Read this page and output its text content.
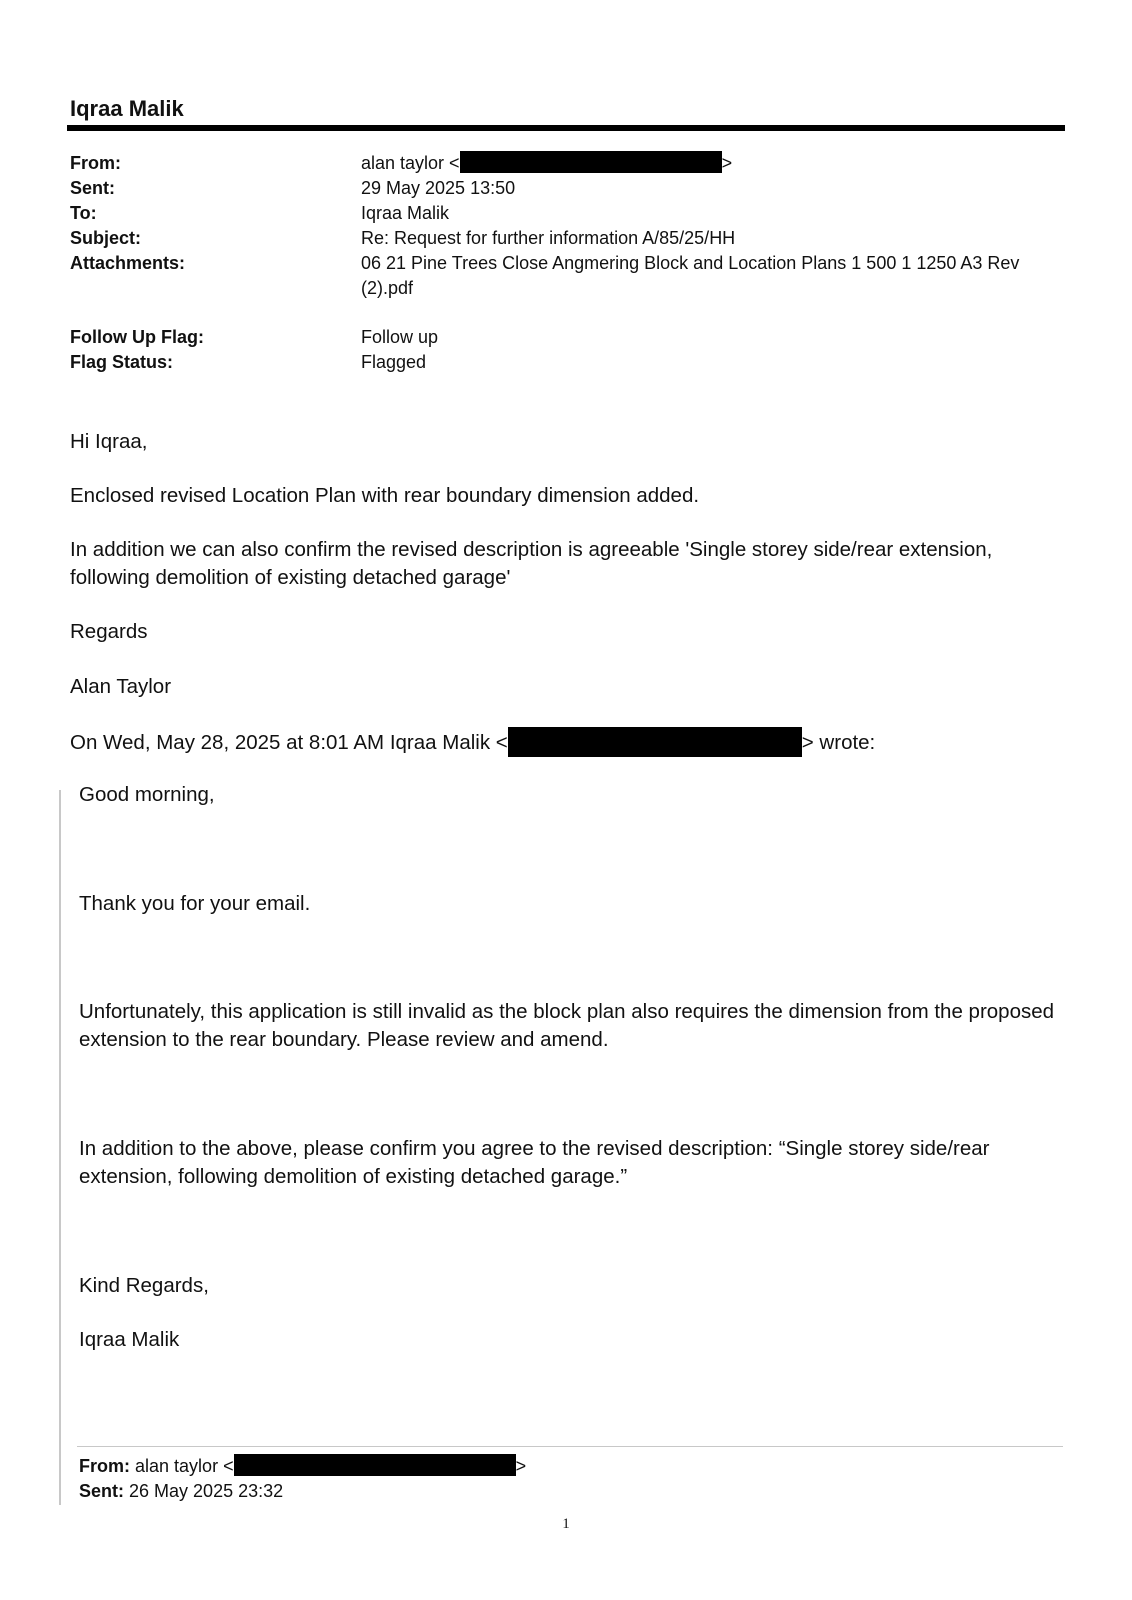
Iqraa Malik
From:	alan taylor <	>
Sent:	29 May 2025 13:50
To:	Iqraa Malik
Subject:	Re: Request for further information A/85/25/HH
Attachments:	06 21 Pine Trees Close Angmering Block and Location Plans 1 500 1 1250 A3 Rev (2).pdf
Follow Up Flag:	Follow up
Flag Status:	Flagged

Hi Iqraa,

Enclosed revised Location Plan with rear boundary dimension added.

In addition we can also confirm the revised description is agreeable 'Single storey side/rear extension, following demolition of existing detached garage'

Regards

Alan Taylor

On Wed, May 28, 2025 at 8:01 AM Iqraa Malik <	> wrote:

Good morning,

Thank you for your email.

Unfortunately, this application is still invalid as the block plan also requires the dimension from the proposed extension to the rear boundary. Please review and amend.

In addition to the above, please confirm you agree to the revised description: “Single storey side/rear extension, following demolition of existing detached garage.”

Kind Regards,

Iqraa Malik

From: alan taylor <	>
Sent: 26 May 2025 23:32
1
